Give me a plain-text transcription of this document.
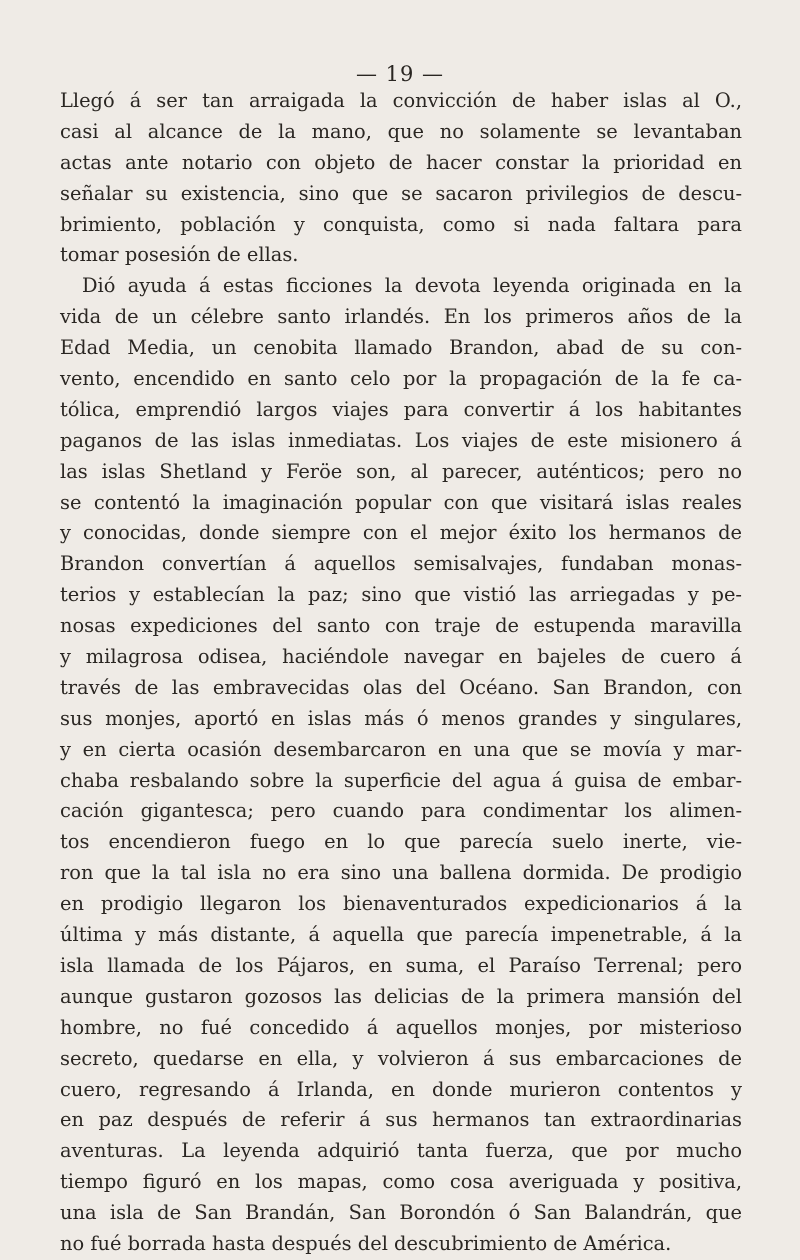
— 19 —
Llegó á ser tan arraigada la convicción de haber islas al O.,
casi al alcance de la mano, que no solamente se levantaban
actas ante notario con objeto de hacer constar la prioridad en
señalar su existencia, sino que se sacaron privilegios de descu-
brimiento, población y conquista, como si nada faltara para
tomar posesión de ellas.
Dió ayuda á estas ficciones la devota leyenda originada en la
vida de un célebre santo irlandés. En los primeros años de la
Edad Media, un cenobita llamado Brandon, abad de su con-
vento, encendido en santo celo por la propagación de la fe ca-
tólica, emprendió largos viajes para convertir á los habitantes
paganos de las islas inmediatas. Los viajes de este misionero á
las islas Shetland y Feröe son, al parecer, auténticos; pero no
se contentó la imaginación popular con que visitará islas reales
y conocidas, donde siempre con el mejor éxito los hermanos de
Brandon convertían á aquellos semisalvajes, fundaban monas-
terios y establecían la paz; sino que vistió las arriegadas y pe-
nosas expediciones del santo con traje de estupenda maravilla
y milagrosa odisea, haciéndole navegar en bajeles de cuero á
través de las embravecidas olas del Océano. San Brandon, con
sus monjes, aportó en islas más ó menos grandes y singulares,
y en cierta ocasión desembarcaron en una que se movía y mar-
chaba resbalando sobre la superficie del agua á guisa de embar-
cación gigantesca; pero cuando para condimentar los alimen-
tos encendieron fuego en lo que parecía suelo inerte, vie-
ron que la tal isla no era sino una ballena dormida. De prodigio
en prodigio llegaron los bienaventurados expedicionarios á la
última y más distante, á aquella que parecía impenetrable, á la
isla llamada de los Pájaros, en suma, el Paraíso Terrenal; pero
aunque gustaron gozosos las delicias de la primera mansión del
hombre, no fué concedido á aquellos monjes, por misterioso
secreto, quedarse en ella, y volvieron á sus embarcaciones de
cuero, regresando á Irlanda, en donde murieron contentos y
en paz después de referir á sus hermanos tan extraordinarias
aventuras. La leyenda adquirió tanta fuerza, que por mucho
tiempo figuró en los mapas, como cosa averiguada y positiva,
una isla de San Brandán, San Borondón ó San Balandrán, que
no fué borrada hasta después del descubrimiento de América.
